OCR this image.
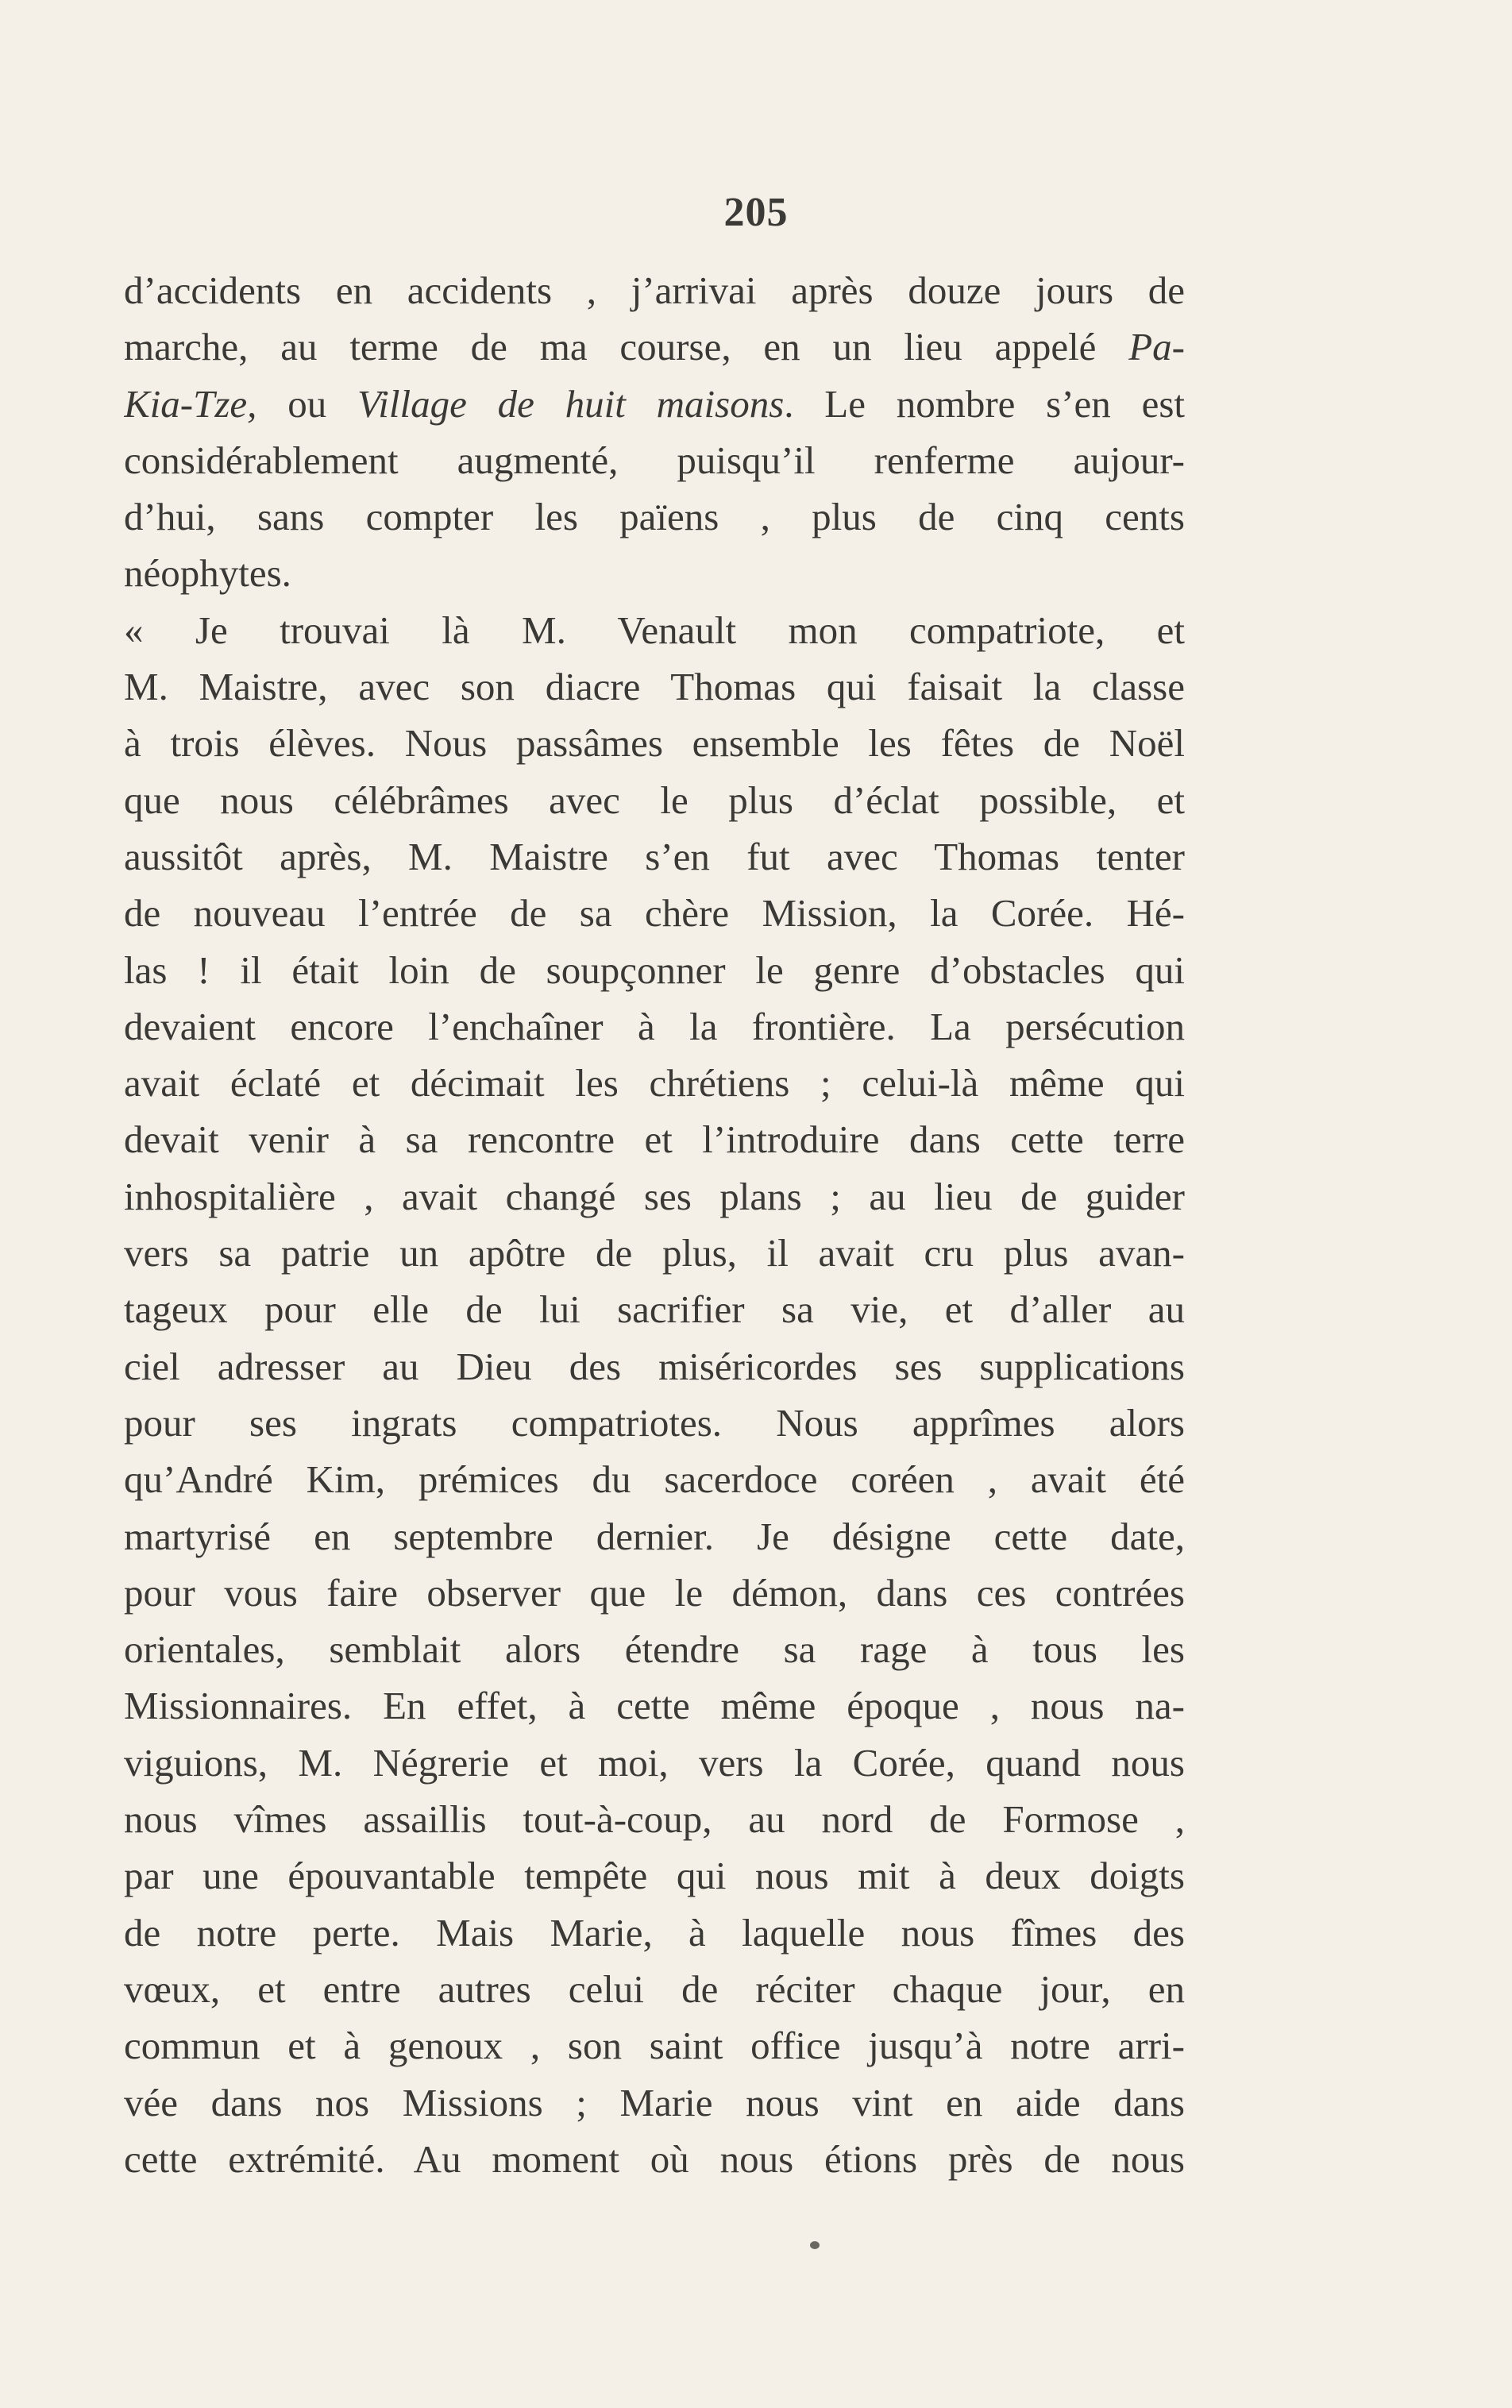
205
d’accidents en accidents , j’arrivai après douze jours de
marche, au terme de ma course, en un lieu appelé Pa-
Kia-Tze, ou Village de huit maisons. Le nombre s’en est
considérablement augmenté, puisqu’il renferme aujour-
d’hui, sans compter les païens , plus de cinq cents
néophytes.
« Je trouvai là M. Venault mon compatriote, et
M. Maistre, avec son diacre Thomas qui faisait la classe
à trois élèves. Nous passâmes ensemble les fêtes de Noël
que nous célébrâmes avec le plus d’éclat possible, et
aussitôt après, M. Maistre s’en fut avec Thomas tenter
de nouveau l’entrée de sa chère Mission, la Corée. Hé-
las ! il était loin de soupçonner le genre d’obstacles qui
devaient encore l’enchaîner à la frontière. La persécution
avait éclaté et décimait les chrétiens ; celui-là même qui
devait venir à sa rencontre et l’introduire dans cette terre
inhospitalière , avait changé ses plans ; au lieu de guider
vers sa patrie un apôtre de plus, il avait cru plus avan-
tageux pour elle de lui sacrifier sa vie, et d’aller au
ciel adresser au Dieu des miséricordes ses supplications
pour ses ingrats compatriotes. Nous apprîmes alors
qu’André Kim, prémices du sacerdoce coréen , avait été
martyrisé en septembre dernier. Je désigne cette date,
pour vous faire observer que le démon, dans ces contrées
orientales, semblait alors étendre sa rage à tous les
Missionnaires. En effet, à cette même époque , nous na-
viguions, M. Négrerie et moi, vers la Corée, quand nous
nous vîmes assaillis tout-à-coup, au nord de Formose ,
par une épouvantable tempête qui nous mit à deux doigts
de notre perte. Mais Marie, à laquelle nous fîmes des
vœux, et entre autres celui de réciter chaque jour, en
commun et à genoux , son saint office jusqu’à notre arri-
vée dans nos Missions ; Marie nous vint en aide dans
cette extrémité. Au moment où nous étions près de nous
